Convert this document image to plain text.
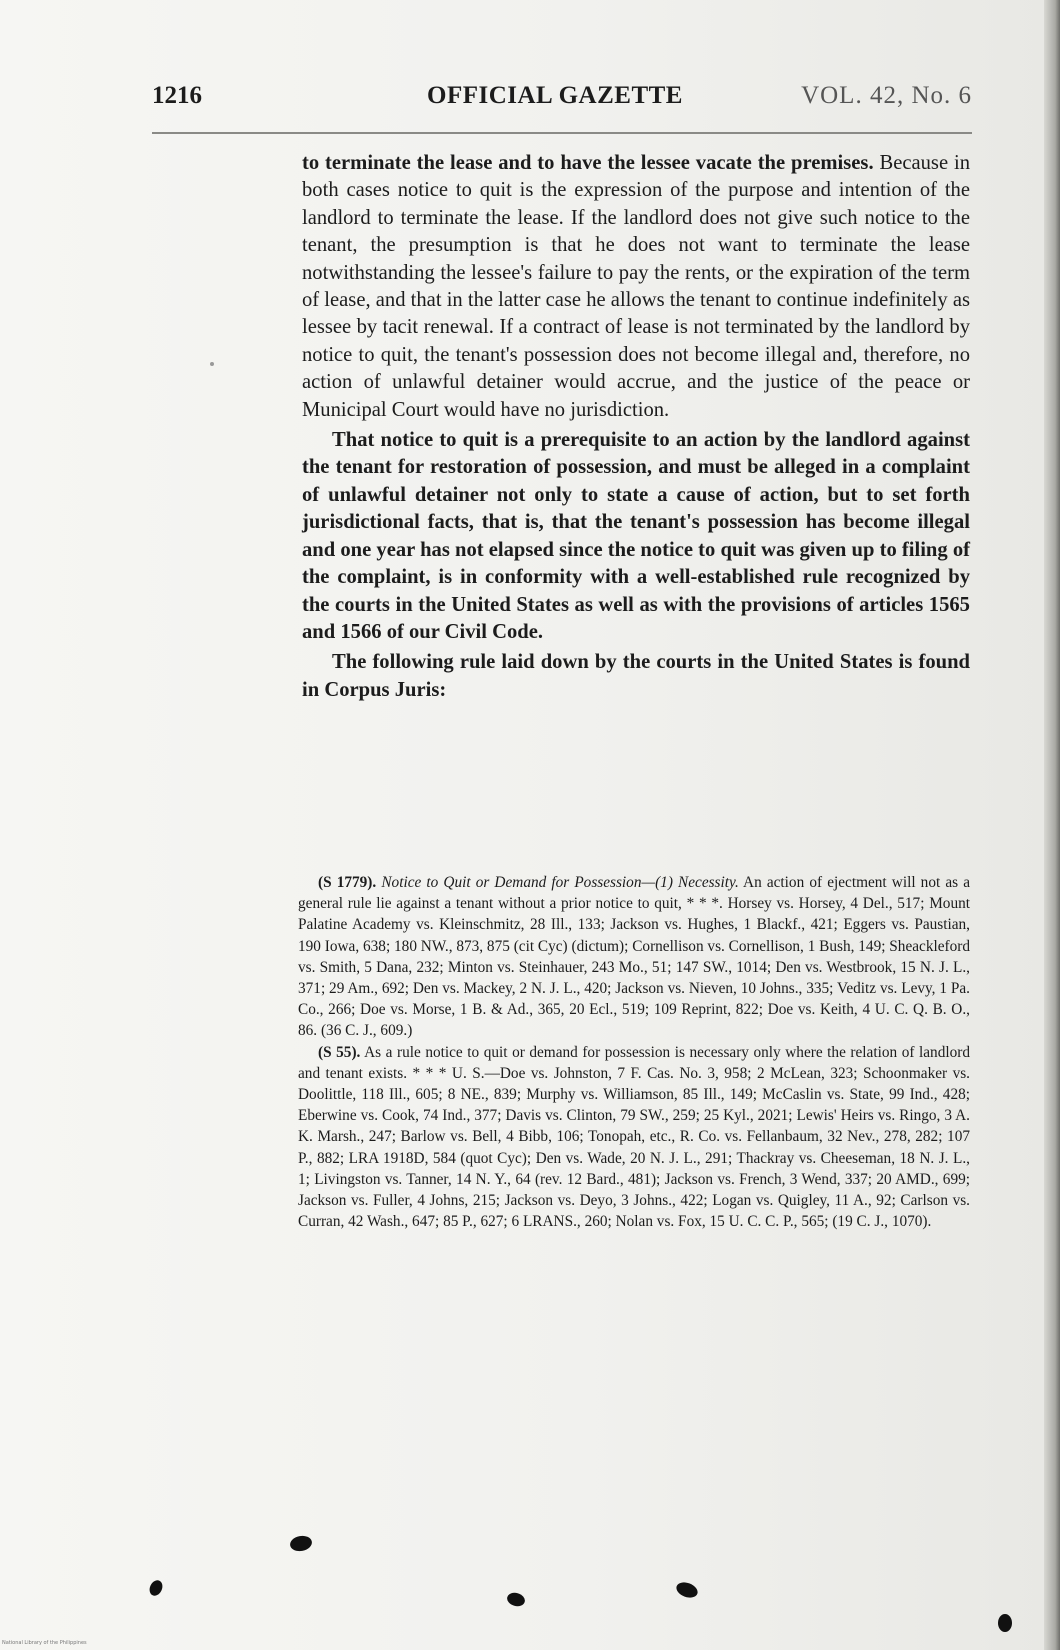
1216	OFFICIAL GAZETTE	VOL. 42, No. 6

to terminate the lease and to have the lessee vacate the premises. Because in both cases notice to quit is the expression of the purpose and intention of the landlord to terminate the lease. If the landlord does not give such notice to the tenant, the presumption is that he does not want to terminate the lease notwithstanding the lessee's failure to pay the rents, or the expiration of the term of lease, and that in the latter case he allows the tenant to continue indefinitely as lessee by tacit renewal. If a contract of lease is not terminated by the landlord by notice to quit, the tenant's possession does not become illegal and, therefore, no action of unlawful detainer would accrue, and the justice of the peace or Municipal Court would have no jurisdiction.

That notice to quit is a prerequisite to an action by the landlord against the tenant for restoration of possession, and must be alleged in a complaint of unlawful detainer not only to state a cause of action, but to set forth jurisdictional facts, that is, that the tenant's possession has become illegal and one year has not elapsed since the notice to quit was given up to filing of the complaint, is in conformity with a well-established rule recognized by the courts in the United States as well as with the provisions of articles 1565 and 1566 of our Civil Code.

The following rule laid down by the courts in the United States is found in Corpus Juris:

(S 1779). Notice to Quit or Demand for Possession—(1) Necessity. An action of ejectment will not as a general rule lie against a tenant without a prior notice to quit, * * *. Horsey vs. Horsey, 4 Del., 517; Mount Palatine Academy vs. Kleinschmitz, 28 Ill., 133; Jackson vs. Hughes, 1 Blackf., 421; Eggers vs. Paustian, 190 Iowa, 638; 180 NW., 873, 875 (cit Cyc) (dictum); Cornellison vs. Cornellison, 1 Bush, 149; Sheackleford vs. Smith, 5 Dana, 232; Minton vs. Steinhauer, 243 Mo., 51; 147 SW., 1014; Den vs. Westbrook, 15 N. J. L., 371; 29 Am., 692; Den vs. Mackey, 2 N. J. L., 420; Jackson vs. Nieven, 10 Johns., 335; Veditz vs. Levy, 1 Pa. Co., 266; Doe vs. Morse, 1 B. & Ad., 365, 20 Ecl., 519; 109 Reprint, 822; Doe vs. Keith, 4 U. C. Q. B. O., 86. (36 C. J., 609.)

(S 55). As a rule notice to quit or demand for possession is necessary only where the relation of landlord and tenant exists. * * * U. S.—Doe vs. Johnston, 7 F. Cas. No. 3, 958; 2 McLean, 323; Schoonmaker vs. Doolittle, 118 Ill., 605; 8 NE., 839; Murphy vs. Williamson, 85 Ill., 149; McCaslin vs. State, 99 Ind., 428; Eberwine vs. Cook, 74 Ind., 377; Davis vs. Clinton, 79 SW., 259; 25 Kyl., 2021; Lewis' Heirs vs. Ringo, 3 A. K. Marsh., 247; Barlow vs. Bell, 4 Bibb, 106; Tonopah, etc., R. Co. vs. Fellanbaum, 32 Nev., 278, 282; 107 P., 882; LRA 1918D, 584 (quot Cyc); Den vs. Wade, 20 N. J. L., 291; Thackray vs. Cheeseman, 18 N. J. L., 1; Livingston vs. Tanner, 14 N. Y., 64 (rev. 12 Bard., 481); Jackson vs. French, 3 Wend, 337; 20 AMD., 699; Jackson vs. Fuller, 4 Johns, 215; Jackson vs. Deyo, 3 Johns., 422; Logan vs. Quigley, 11 A., 92; Carlson vs. Curran, 42 Wash., 647; 85 P., 627; 6 LRANS., 260; Nolan vs. Fox, 15 U. C. C. P., 565; (19 C. J., 1070).

National Library of the Philippines
